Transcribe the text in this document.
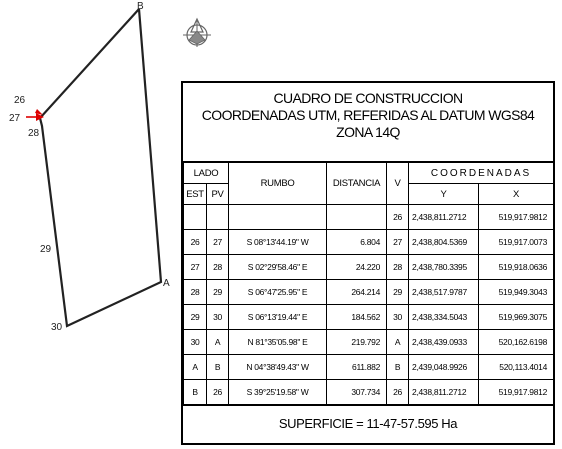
B
A
30
29
28
27
26	CUADRO DE CONSTRUCCION
COORDENADAS UTM, REFERIDAS AL DATUM WGS84
ZONA 14Q
LADO		RUMBO	DISTANCIA	V	COORDENADAS	
EST	PV				Y	X
				26	2,438,811.2712	519,917.9812
26	27	S 08°13'44.19" W	6.804	27	2,438,804.5369	519,917.0073
27	28	S 02°29'58.46" E	24.220	28	2,438,780.3395	519,918.0636
28	29	S 06°47'25.95" E	264.214	29	2,438,517.9787	519,949.3043
29	30	S 06°13'19.44" E	184.562	30	2,438,334.5043	519,969.3075
30	A	N 81°35'05.98" E	219.792	A	2,438,439.0933	520,162.6198
A	B	N 04°38'49.43" W	611.882	B	2,439,048.9926	520,113.4014
B	26	S 39°25'19.58" W	307.734	26	2,438,811.2712	519,917.9812
SUPERFICIE = 11-47-57.595 Ha
